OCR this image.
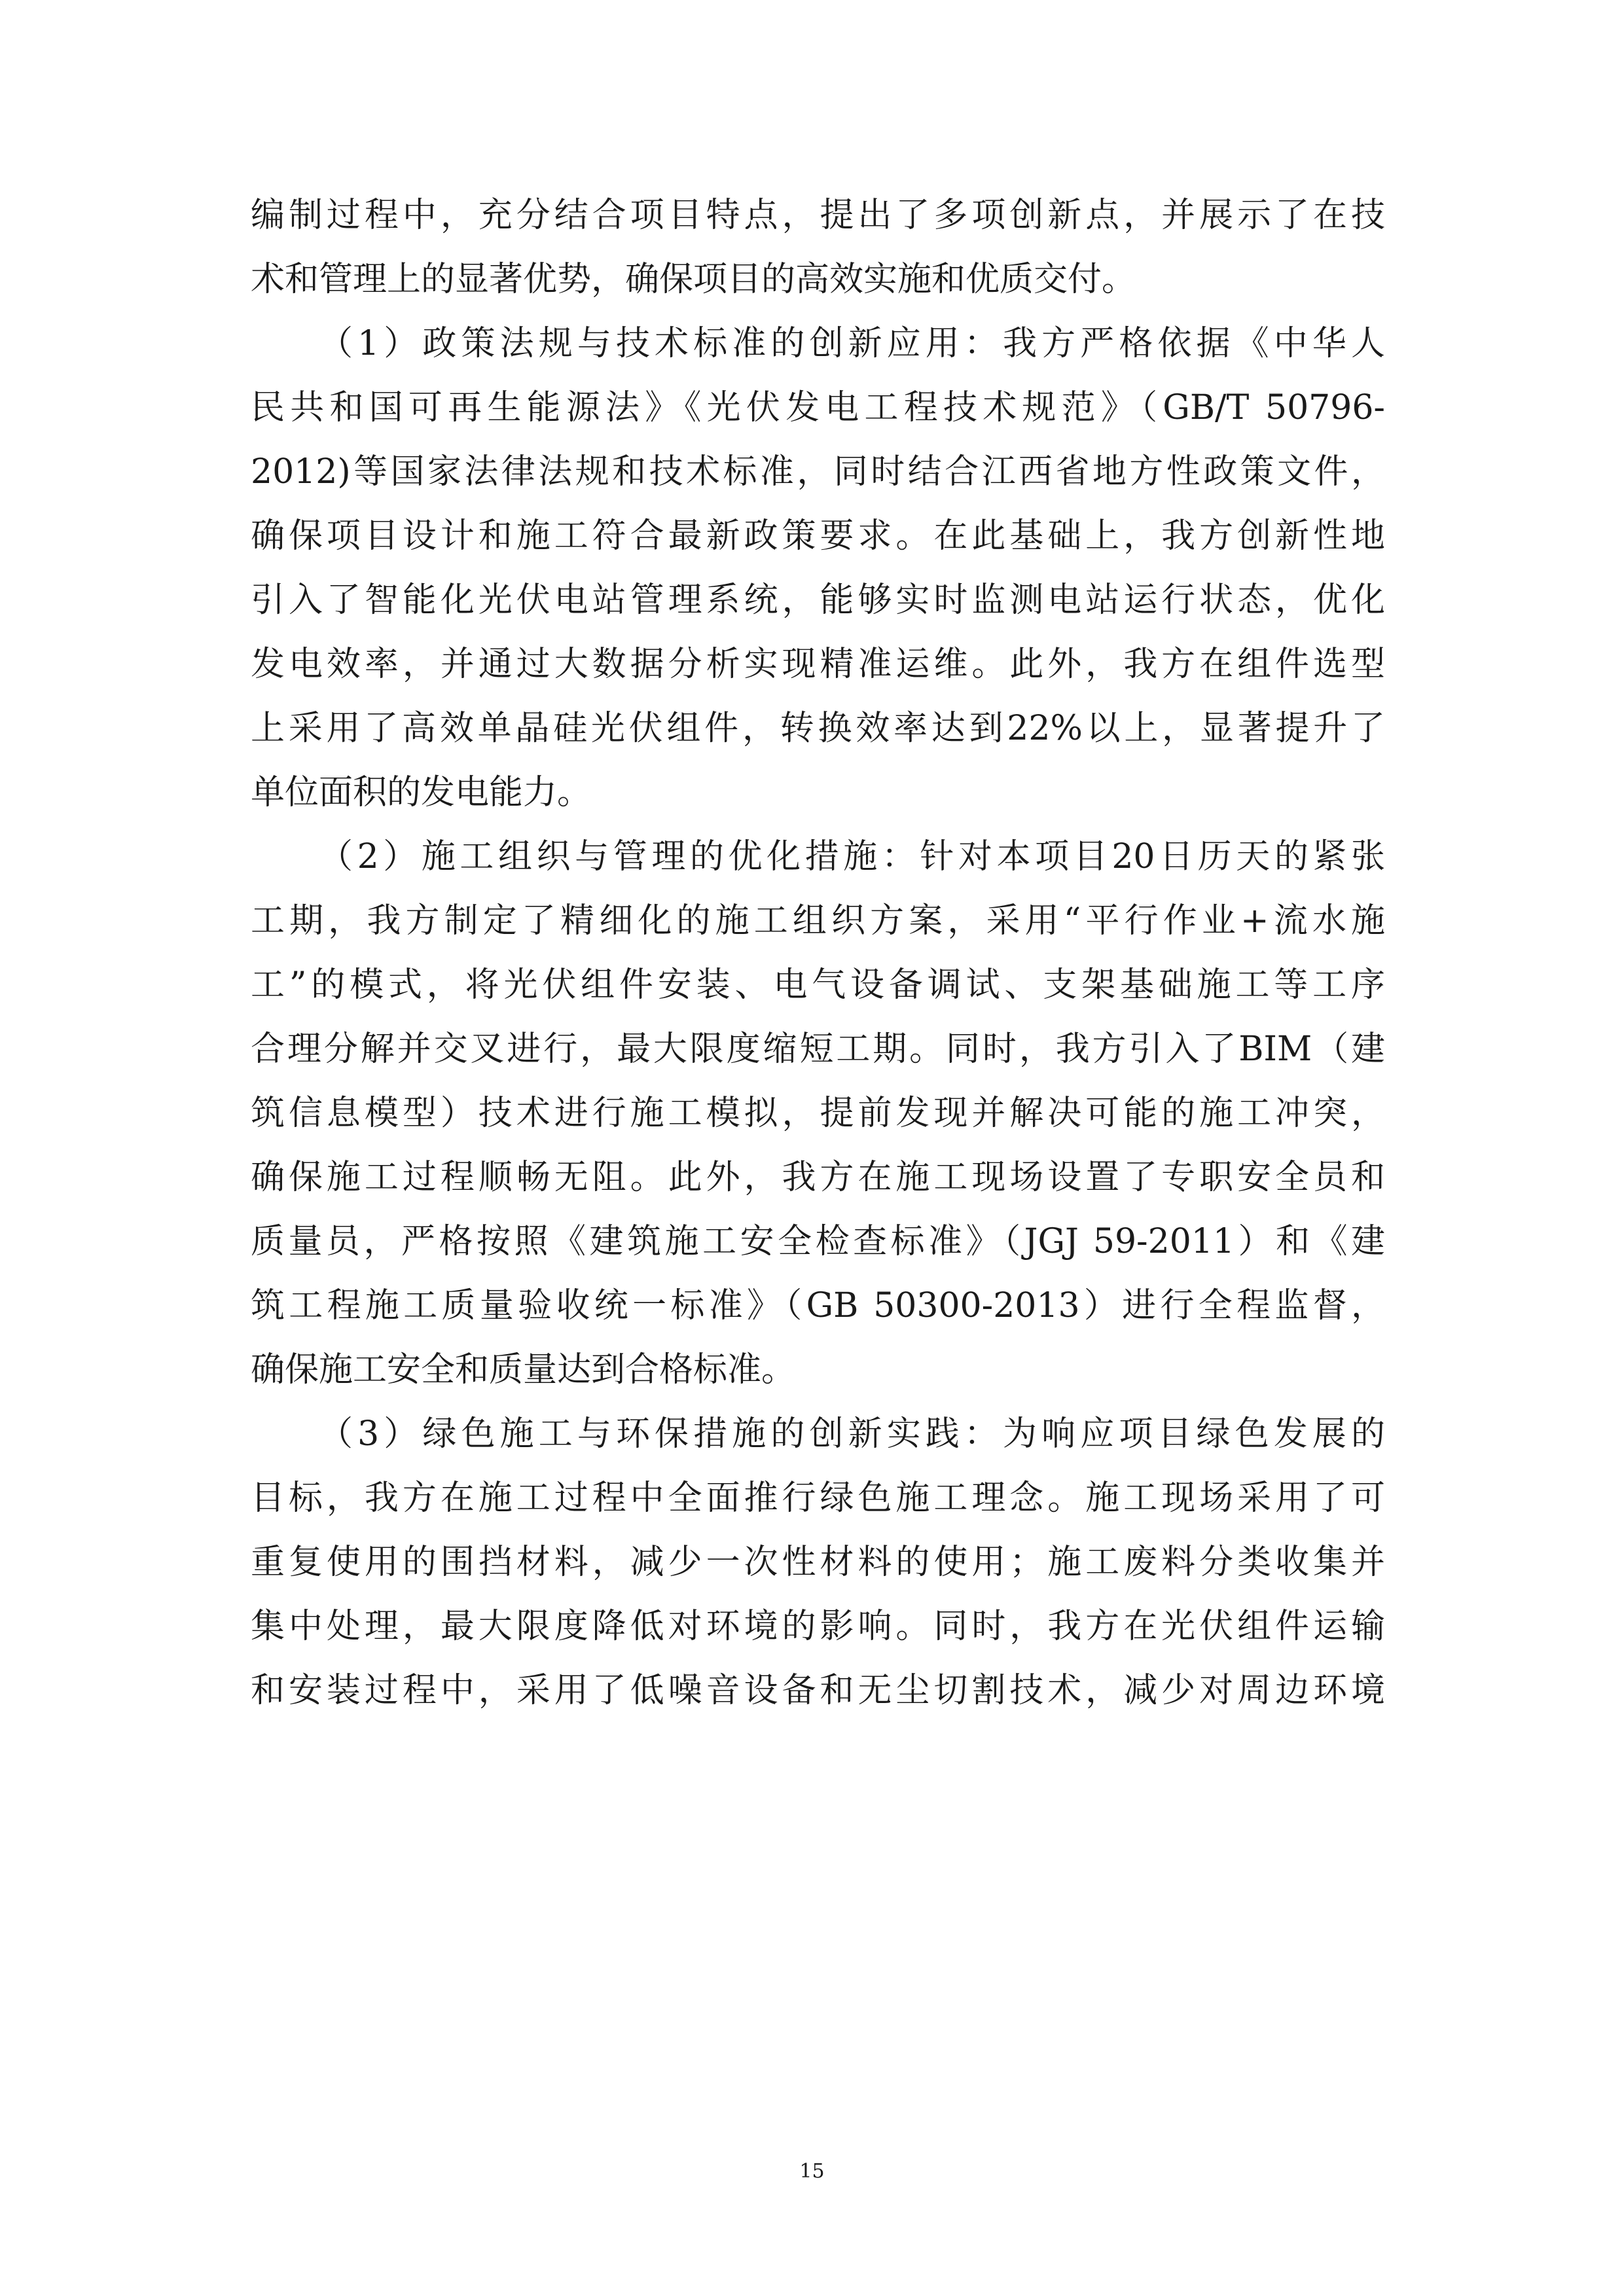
编制过程中，充分结合项目特点，提出了多项创新点，并展示了在技
术和管理上的显著优势，确保项目的高效实施和优质交付。
（1）政策法规与技术标准的创新应用：我方严格依据《中华人
民共和国可再生能源法》《光伏发电工程技术规范》（GB/T 50796-
2012)等国家法律法规和技术标准，同时结合江西省地方性政策文件，
确保项目设计和施工符合最新政策要求。在此基础上，我方创新性地
引入了智能化光伏电站管理系统，能够实时监测电站运行状态，优化
发电效率，并通过大数据分析实现精准运维。此外，我方在组件选型
上采用了高效单晶硅光伏组件，转换效率达到22%以上，显著提升了
单位面积的发电能力。
（2）施工组织与管理的优化措施：针对本项目20日历天的紧张
工期，我方制定了精细化的施工组织方案，采用“平行作业+流水施
工”的模式，将光伏组件安装、电气设备调试、支架基础施工等工序
合理分解并交叉进行，最大限度缩短工期。同时，我方引入了BIM（建
筑信息模型）技术进行施工模拟，提前发现并解决可能的施工冲突，
确保施工过程顺畅无阻。此外，我方在施工现场设置了专职安全员和
质量员，严格按照《建筑施工安全检查标准》（JGJ 59-2011）和《建
筑工程施工质量验收统一标准》（GB 50300-2013）进行全程监督，
确保施工安全和质量达到合格标准。
（3）绿色施工与环保措施的创新实践：为响应项目绿色发展的
目标，我方在施工过程中全面推行绿色施工理念。施工现场采用了可
重复使用的围挡材料，减少一次性材料的使用；施工废料分类收集并
集中处理，最大限度降低对环境的影响。同时，我方在光伏组件运输
和安装过程中，采用了低噪音设备和无尘切割技术，减少对周边环境
15
